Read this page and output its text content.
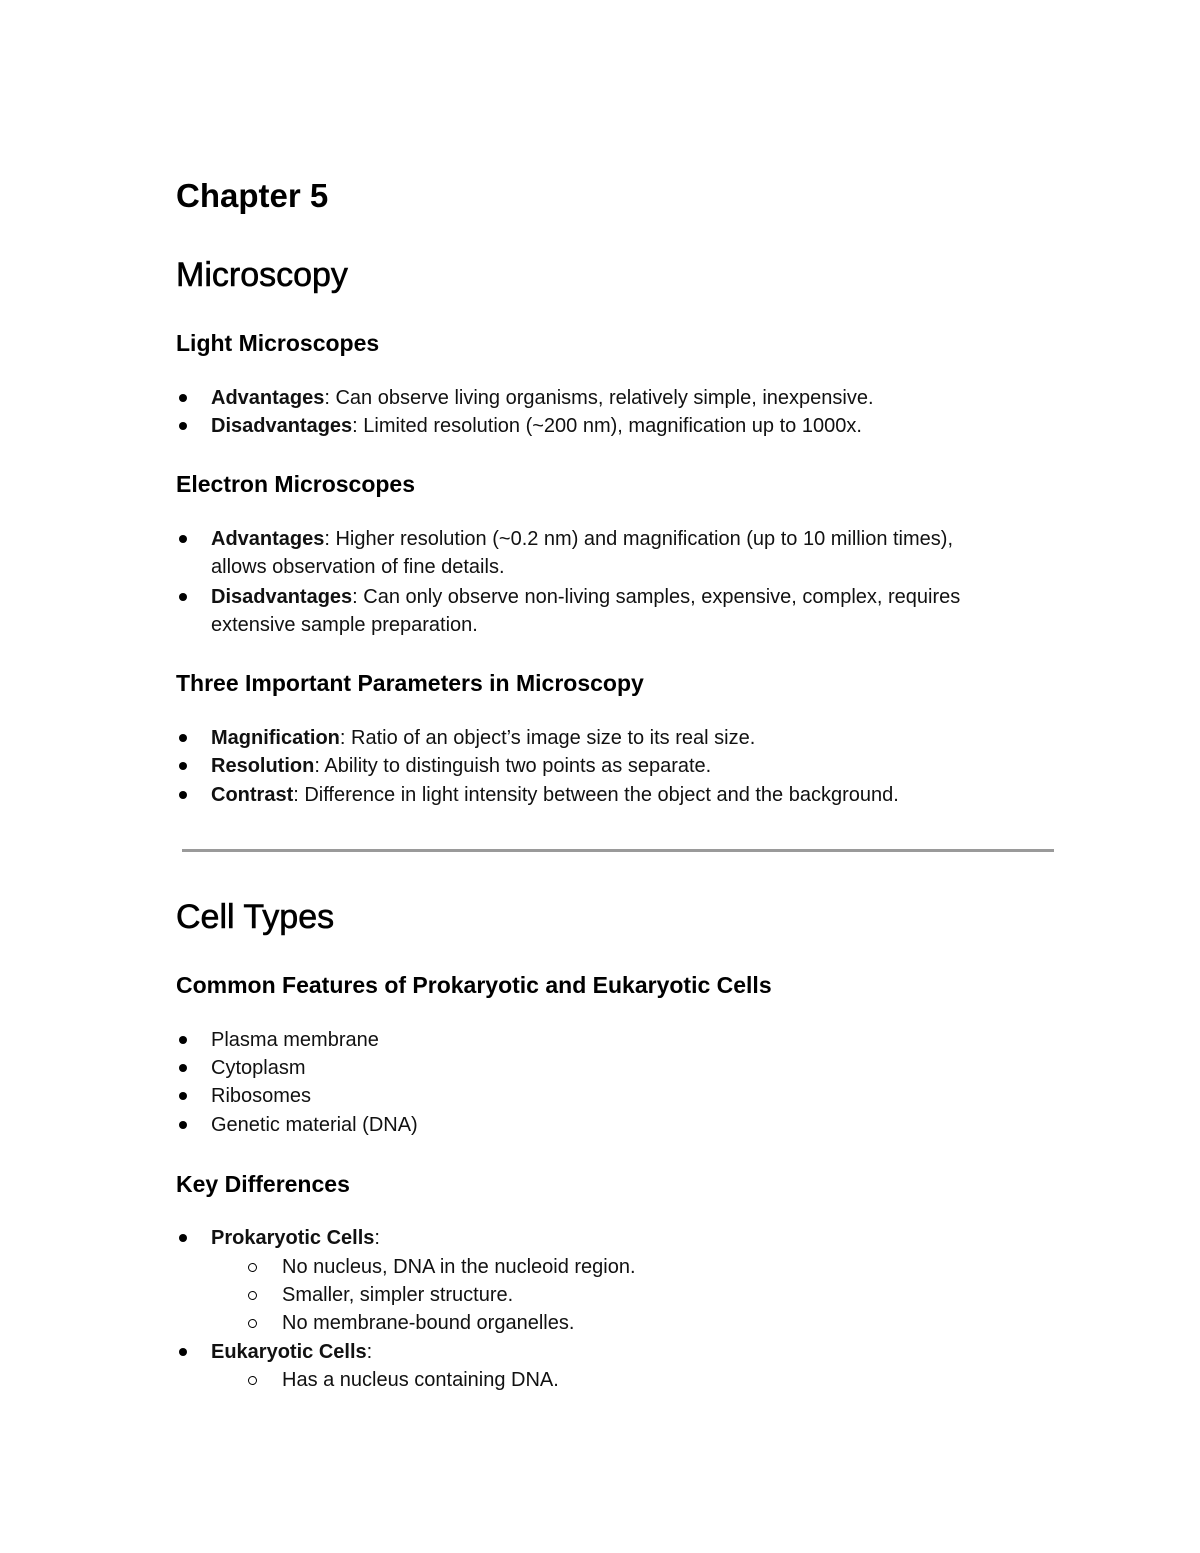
Chapter 5
Microscopy
Light Microscopes
Advantages: Can observe living organisms, relatively simple, inexpensive.
Disadvantages: Limited resolution (~200 nm), magnification up to 1000x.
Electron Microscopes
Advantages: Higher resolution (~0.2 nm) and magnification (up to 10 million times),
allows observation of fine details.
Disadvantages: Can only observe non-living samples, expensive, complex, requires
extensive sample preparation.
Three Important Parameters in Microscopy
Magnification: Ratio of an object’s image size to its real size.
Resolution: Ability to distinguish two points as separate.
Contrast: Difference in light intensity between the object and the background.
Cell Types
Common Features of Prokaryotic and Eukaryotic Cells
Plasma membrane
Cytoplasm
Ribosomes
Genetic material (DNA)
Key Differences
Prokaryotic Cells:
No nucleus, DNA in the nucleoid region.
Smaller, simpler structure.
No membrane-bound organelles.
Eukaryotic Cells:
Has a nucleus containing DNA.
